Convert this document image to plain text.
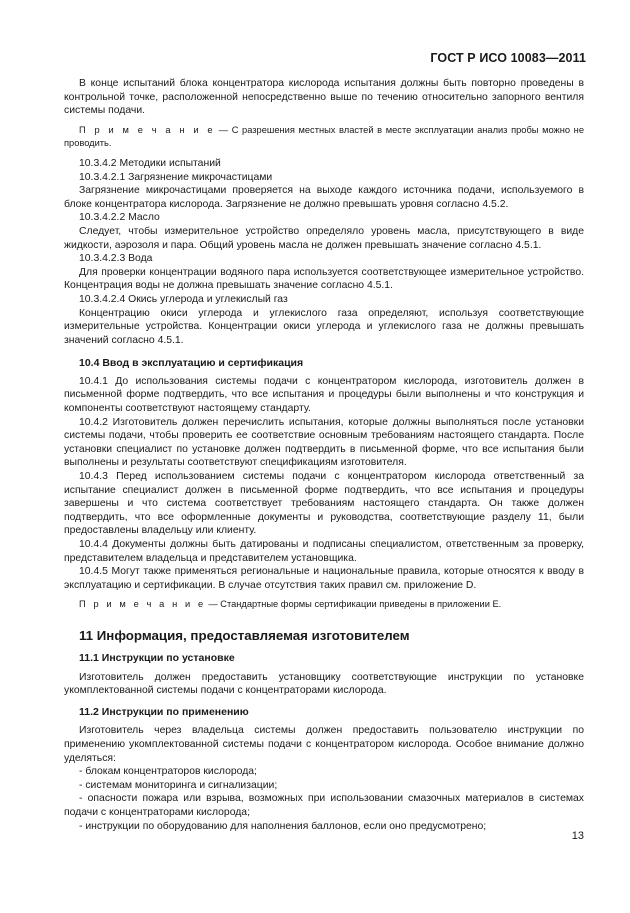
ГОСТ Р ИСО 10083—2011

В конце испытаний блока концентратора кислорода испытания должны быть повторно проведены в

контрольной точке, расположенной непосредственно выше по течению относительно запорного вентиля

системы подачи.

П р и м е ч а н и е — С разрешения местных властей в месте эксплуатации анализ пробы можно не проводить.

10.3.4.2 Методики испытаний

10.3.4.2.1 Загрязнение микрочастицами

Загрязнение микрочастицами проверяется на выходе каждого источника подачи, используемого в блоке концентратора кислорода. Загрязнение не должно превышать уровня согласно 4.5.2.

10.3.4.2.2 Масло

Следует, чтобы измерительное устройство определяло уровень масла, присутствующего в виде жидкости, аэрозоля и пара. Общий уровень масла не должен превышать значение согласно 4.5.1.

10.3.4.2.3 Вода

Для проверки концентрации водяного пара используется соответствующее измерительное устройство. Концентрация воды не должна превышать значение согласно 4.5.1.

10.3.4.2.4 Окись углерода и углекислый газ

Концентрацию окиси углерода и углекислого газа определяют, используя соответствующие измерительные устройства. Концентрации окиси углерода и углекислого газа не должны превышать значений согласно 4.5.1.

10.4 Ввод в эксплуатацию и сертификация

10.4.1 До использования системы подачи с концентратором кислорода, изготовитель должен в письменной форме подтвердить, что все испытания и процедуры были выполнены и что конструкция и компоненты соответствуют настоящему стандарту.

10.4.2 Изготовитель должен перечислить испытания, которые должны выполняться после установки системы подачи, чтобы проверить ее соответствие основным требованиям настоящего стандарта. После установки специалист по установке должен подтвердить в письменной форме, что все испытания были выполнены и результаты соответствуют спецификациям изготовителя.

10.4.3 Перед использованием системы подачи с концентратором кислорода ответственный за испытание специалист должен в письменной форме подтвердить, что все испытания и процедуры завершены и что система соответствует требованиям настоящего стандарта. Он также должен подтвердить, что все оформленные документы и руководства, соответствующие разделу 11, были предоставлены владельцу или клиенту.

10.4.4 Документы должны быть датированы и подписаны специалистом, ответственным за проверку, представителем владельца и представителем установщика.

10.4.5 Могут также применяться региональные и национальные правила, которые относятся к вводу в эксплуатацию и сертификации. В случае отсутствия таких правил см. приложение D.

П р и м е ч а н и е — Стандартные формы сертификации приведены в приложении E.

11 Информация, предоставляемая изготовителем

11.1 Инструкции по установке

Изготовитель должен предоставить установщику соответствующие инструкции по установке укомплектованной системы подачи с концентраторами кислорода.

11.2 Инструкции по применению

Изготовитель через владельца системы должен предоставить пользователю инструкции по применению укомплектованной системы подачи с концентратором кислорода. Особое внимание должно уделяться:

- блокам концентраторов кислорода;

- системам мониторинга и сигнализации;

- опасности пожара или взрыва, возможных при использовании смазочных материалов в системах подачи с концентраторами кислорода;

- инструкции по оборудованию для наполнения баллонов, если оно предусмотрено;

13
